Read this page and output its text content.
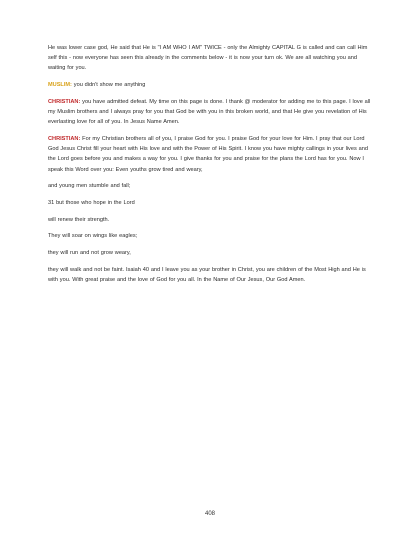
He was lower case god, He said that He is "I AM WHO I AM" TWICE - only the Almighty CAPITAL G is called and can call Him self this - now everyone has seen this already in the comments below - it is now your turn ok. We are all watching you and waiting for you.

MUSLIM: you didn't show me anything

CHRISTIAN: you have admitted defeat. My time on this page is done. I thank @ moderator for adding me to this page. I love all my Muslim brothers and I always pray for you that God be with you in this broken world, and that He give you revelation of His everlasting love for all of you. In Jesus Name Amen.

CHRISTIAN: For my Christian brothers all of you, I praise God for you. I praise God for your love for Him. I pray that our Lord God Jesus Christ fill your heart with His love and with the Power of His Spirit. I know you have mighty callings in your lives and the Lord goes before you and makes a way for you. I give thanks for you and praise for the plans the Lord has for you. Now I speak this Word over you: Even youths grow tired and weary,

and young men stumble and fall;

31 but those who hope in the Lord

will renew their strength.

They will soar on wings like eagles;

they will run and not grow weary,

they will walk and not be faint. Isaiah 40 and I leave you as your brother in Christ, you are children of the Most High and He is with you. With great praise and the love of God for you all. In the Name of Our Jesus, Our God Amen.

408
